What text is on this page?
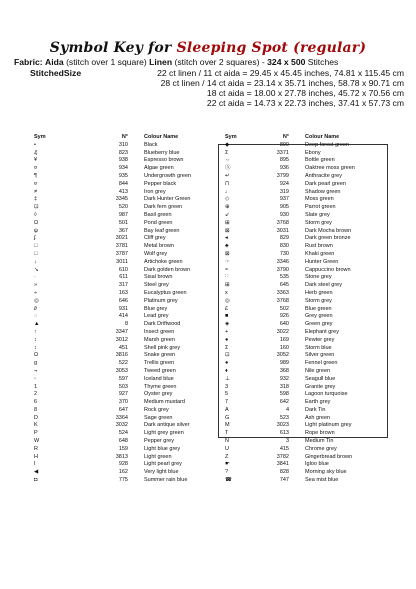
Symbol Key for Sleeping Spot (regular)
Fabric: Aida (stitch over 1 square) Linen (stitch over 2 squares) - 324 x 500 Stitches
StitchedSize	22 ct linen / 11 ct aida = 29.45 x 45.45 inches, 74.81 x 115.45 cm
28 ct linen / 14 ct aida = 23.14 x 35.71 inches, 58.78 x 90.71 cm
18 ct aida = 18.00 x 27.78 inches, 45.72 x 70.56 cm
22 ct aida = 14.73 x 22.73 inches, 37.41 x 57.73 cm
Sym	N°	Colour Name
•	310	Black
₰	823	Blueberry blue
¥	938	Espresso brown
¤	934	Algae green
¶	935	Undergrowth green
¤	844	Pepper black
≠	413	Iron grey
‡	3345	Dark Hunter Green
⊡	520	Dark fern green
◊	987	Basil green
Ω	501	Pond green
ψ	367	Bay leaf green
ʄ	3021	Cliff grey
□	3781	Metal brown
□	3787	Wolf grey
↓	3011	Artichoke green
↘	610	Dark golden brown
·	611	Sisal brown
»	317	Steel grey
÷	163	Eucalyptus green
◎	646	Platinum grey
∂	931	Blue grey
◌	414	Lead grey
▲	8	Dark Driftwood
↑	3347	Insect green
↕	3012	Marsh green
↕	451	Shell pink grey
Ω	3816	Snake green
g	522	Trellis green
¬	3053	Tweed green
◦	597	Iceland blue
1	503	Thyme green
2	927	Oyster grey
6	370	Medium mustard
8	647	Rock grey
D	3364	Sage green
K	3032	Dark antique silver
P	524	Light grey green
W	648	Pepper grey
R	159	Light blue grey
H	3813	Light green
I	928	Light pearl grey
◀	162	Very light blue
◘	775	Summer rain blue
Sym	N°	Colour Name
◆	890	Deep forest green
Σ	3371	Ebony
⇔	895	Bottle green
Ⓐ	936	Oaktree moss green
↵	3799	Anthracite grey
⊓	924	Dark pearl green
♩	319	Shadow green
◇	937	Moss green
⊕	905	Parrot green
↙	930	Slate grey
⊞	3768	Storm grey
⊠	3031	Dark Mocha brown
◂	829	Dark green bronze
♣	830	Rust brown
⊠	730	Khaki green
☞	3346	Hunter Green
≈	3790	Cappuccino brown
∷	535	Stone grey
⊞	645	Dark steel grey
x	3363	Herb green
◎	3768	Storm grey
£	502	Blue green
■	926	Grey green
◈	640	Green grey
+	3022	Elephant grey
●	169	Pewter grey
Σ	160	Storm blue
⊡	3052	Silver green
●	989	Fennel green
♦	368	Nile green
⊥	932	Seagull blue
3	318	Granite grey
5	598	Lagoon turquoise
7	642	Earth grey
A	4	Dark Tin
G	523	Ash green
M	3023	Light platinum grey
T	613	Rope brown
N	3	Medium Tin
U	415	Chrome grey
Z	3782	Gingerbread brown
☛	3841	Igloo blue
?	828	Morning sky blue
☎	747	Sea mist blue
